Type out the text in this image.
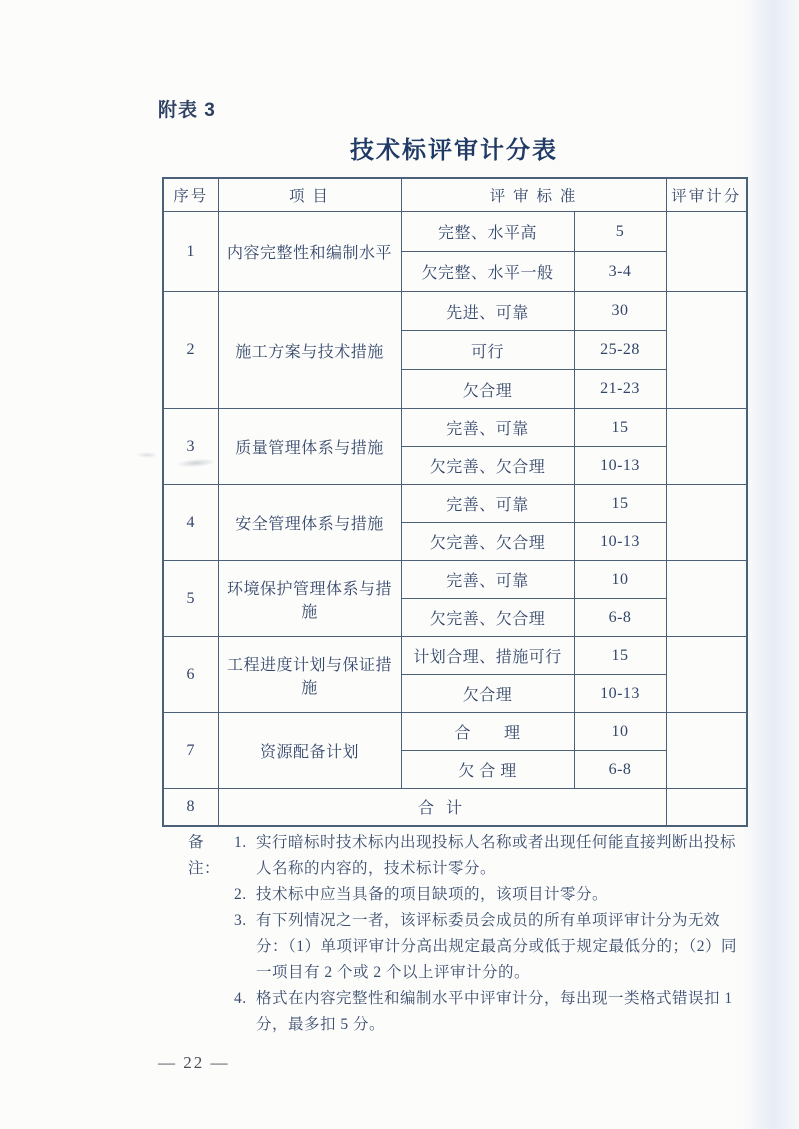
附表 3
技术标评审计分表
序号	项 目	评 审 标 准		评审计分
1	内容完整性和编制水平	完整、水平高	5	
		欠完整、水平一般	3-4	
2	施工方案与技术措施	先进、可靠	30	
		可行	25-28	
		欠合理	21-23	
3	质量管理体系与措施	完善、可靠	15	
		欠完善、欠合理	10-13	
4	安全管理体系与措施	完善、可靠	15	
		欠完善、欠合理	10-13	
5	环境保护管理体系与措施	完善、可靠	10	
		欠完善、欠合理	6-8	
6	工程进度计划与保证措施	计划合理、措施可行	15	
		欠合理	10-13	
7	资源配备计划	合　　理	10	
		欠 合 理	6-8	
8	合 计			
备注：
1. 实行暗标时技术标内出现投标人名称或者出现任何能直接判断出投标人名称的内容的，技术标计零分。
2. 技术标中应当具备的项目缺项的，该项目计零分。
3. 有下列情况之一者，该评标委员会成员的所有单项评审计分为无效分：（1）单项评审计分高出规定最高分或低于规定最低分的；（2）同一项目有 2 个或 2 个以上评审计分的。
4. 格式在内容完整性和编制水平中评审计分，每出现一类格式错误扣 1 分，最多扣 5 分。
— 22 —
